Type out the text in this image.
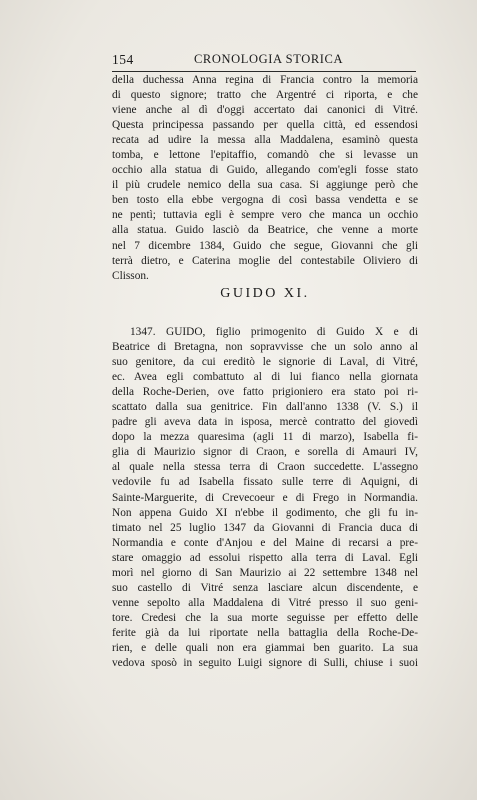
154	CRONOLOGIA STORICA
della duchessa Anna regina di Francia contro la memoria
di questo signore; tratto che Argentré ci riporta, e che
viene anche al dì d'oggi accertato dai canonici di Vitré.
Questa principessa passando per quella città, ed essendosi
recata ad udire la messa alla Maddalena, esaminò questa
tomba, e lettone l'epitaffio, comandò che si levasse un
occhio alla statua di Guido, allegando com'egli fosse stato
il più crudele nemico della sua casa. Si aggiunge però che
ben tosto ella ebbe vergogna di così bassa vendetta e se
ne pentì; tuttavia egli è sempre vero che manca un occhio
alla statua. Guido lasciò da Beatrice, che venne a morte
nel 7 dicembre 1384, Guido che segue, Giovanni che gli
terrà dietro, e Caterina moglie del contestabile Oliviero di
Clisson.
GUIDO XI.
1347. GUIDO, figlio primogenito di Guido X e di
Beatrice di Bretagna, non sopravvisse che un solo anno al
suo genitore, da cui ereditò le signorie di Laval, di Vitré,
ec. Avea egli combattuto al di lui fianco nella giornata
della Roche-Derien, ove fatto prigioniero era stato poi ri-
scattato dalla sua genitrice. Fin dall'anno 1338 (V. S.) il
padre gli aveva data in isposa, mercè contratto del giovedì
dopo la mezza quaresima (agli 11 di marzo), Isabella fi-
glia di Maurizio signor di Craon, e sorella di Amauri IV,
al quale nella stessa terra di Craon succedette. L'assegno
vedovile fu ad Isabella fissato sulle terre di Aquigni, di
Sainte-Marguerite, di Crevecoeur e di Frego in Normandia.
Non appena Guido XI n'ebbe il godimento, che gli fu in-
timato nel 25 luglio 1347 da Giovanni di Francia duca di
Normandia e conte d'Anjou e del Maine di recarsi a pre-
stare omaggio ad essolui rispetto alla terra di Laval. Egli
morì nel giorno di San Maurizio ai 22 settembre 1348 nel
suo castello di Vitré senza lasciare alcun discendente, e
venne sepolto alla Maddalena di Vitré presso il suo geni-
tore. Credesi che la sua morte seguisse per effetto delle
ferite già da lui riportate nella battaglia della Roche-De-
rien, e delle quali non era giammai ben guarito. La sua
vedova sposò in seguito Luigi signore di Sulli, chiuse i suoi
